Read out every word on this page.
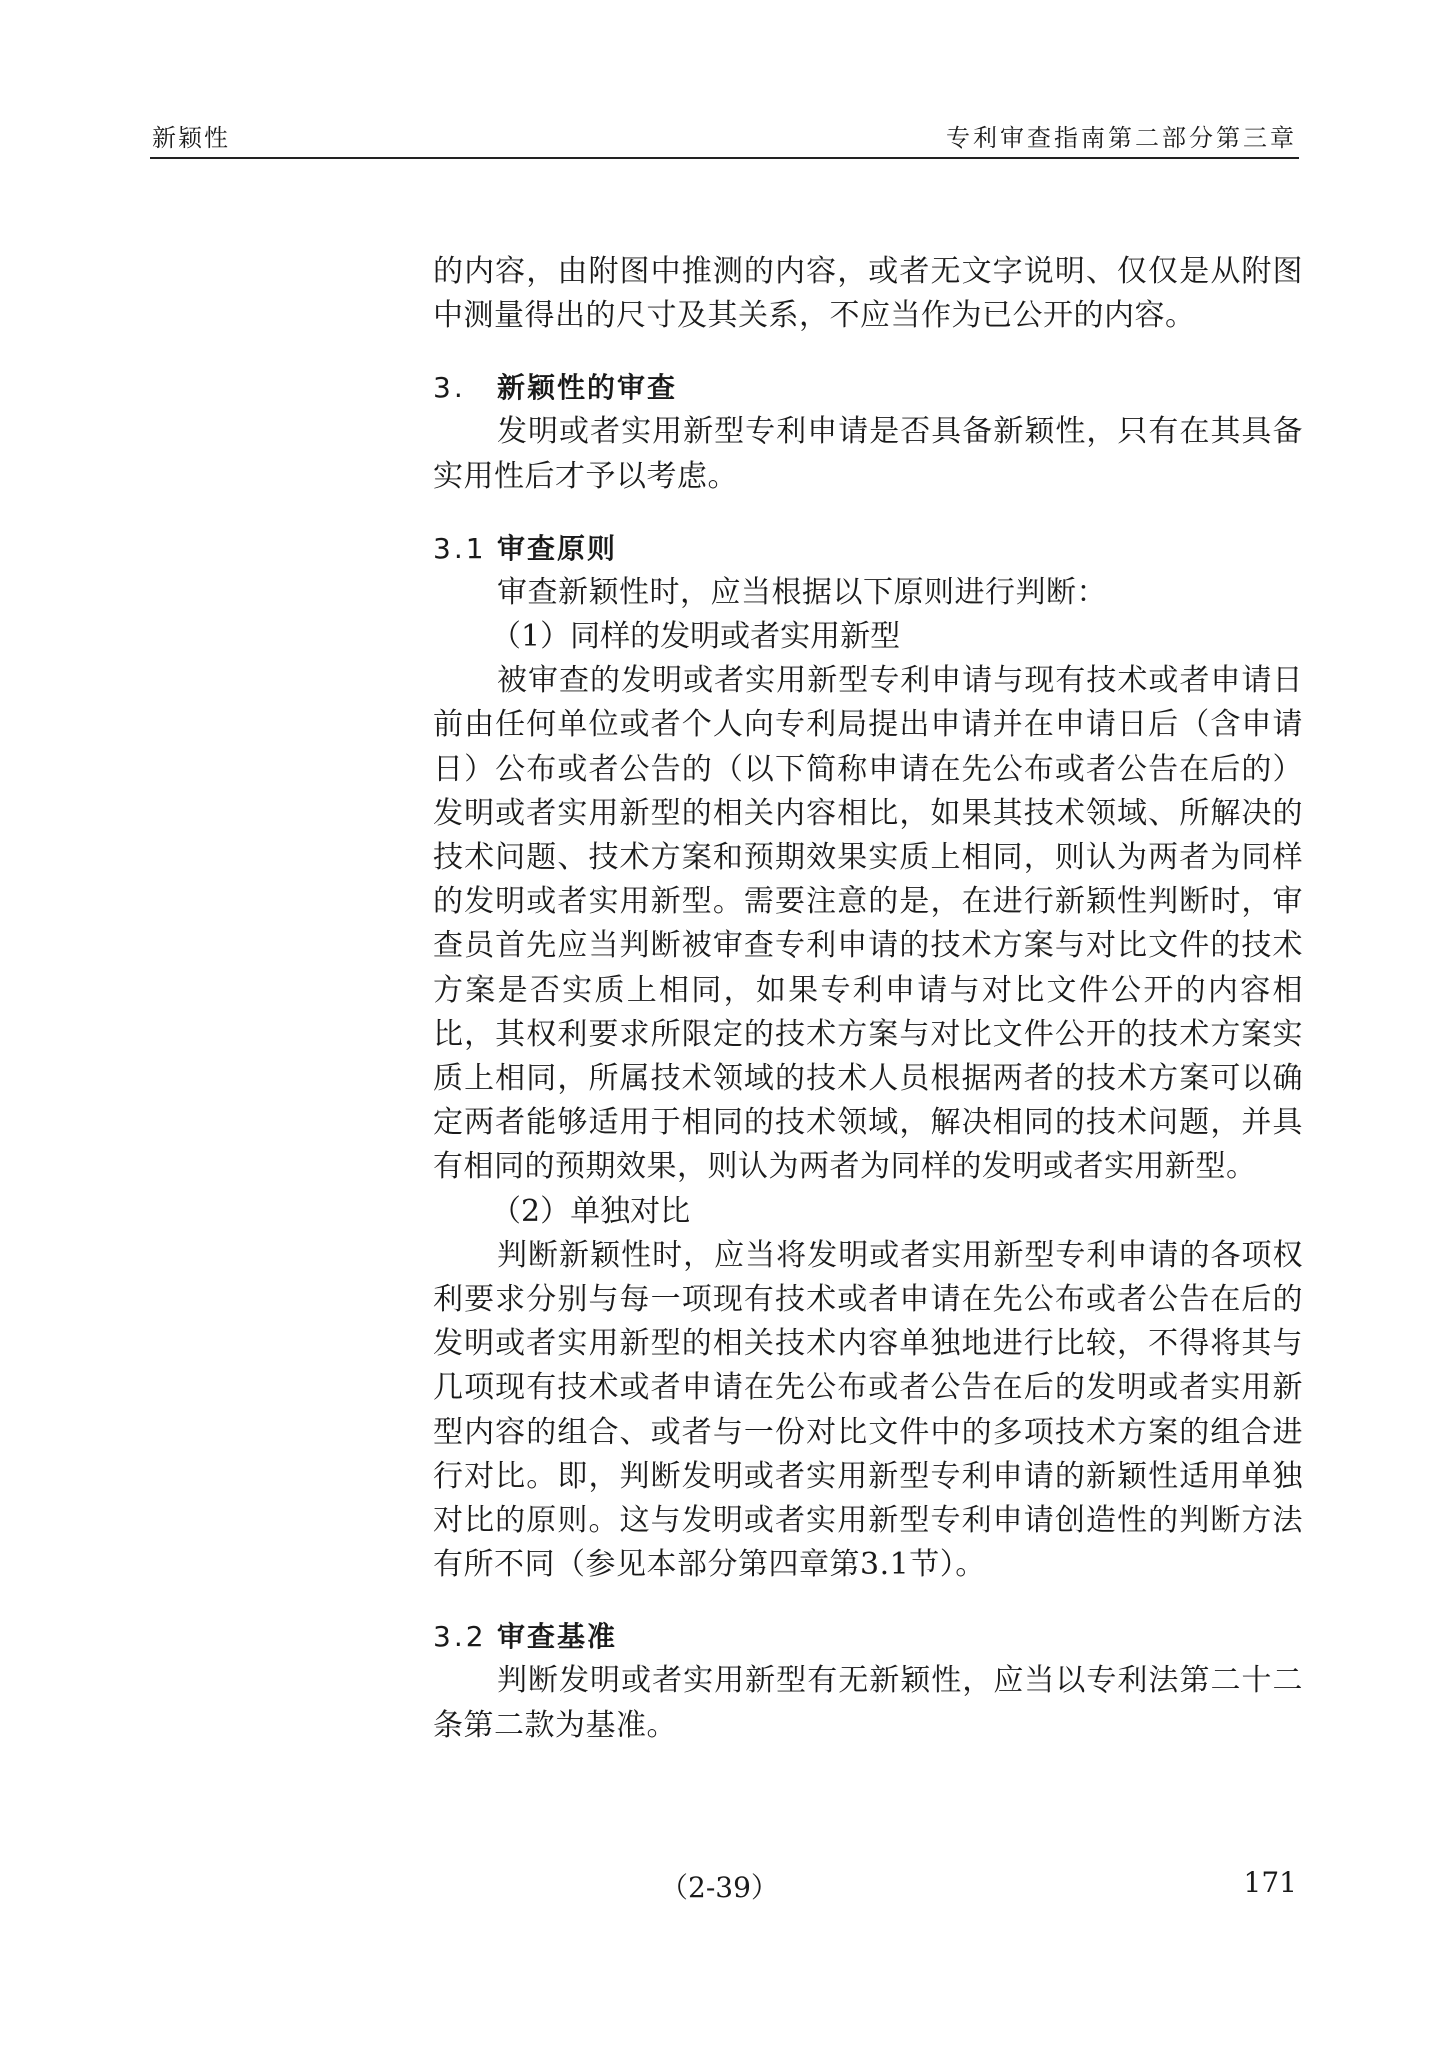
新颖性	专利审查指南第二部分第三章

的内容，由附图中推测的内容，或者无文字说明、仅仅是从附图中测量得出的尺寸及其关系，不应当作为已公开的内容。

3. 新颖性的审查

发明或者实用新型专利申请是否具备新颖性，只有在其具备实用性后才予以考虑。

3.1 审查原则

审查新颖性时，应当根据以下原则进行判断：

（1）同样的发明或者实用新型

被审查的发明或者实用新型专利申请与现有技术或者申请日前由任何单位或者个人向专利局提出申请并在申请日后（含申请日）公布或者公告的（以下简称申请在先公布或者公告在后的）发明或者实用新型的相关内容相比，如果其技术领域、所解决的技术问题、技术方案和预期效果实质上相同，则认为两者为同样的发明或者实用新型。需要注意的是，在进行新颖性判断时，审查员首先应当判断被审查专利申请的技术方案与对比文件的技术方案是否实质上相同，如果专利申请与对比文件公开的内容相比，其权利要求所限定的技术方案与对比文件公开的技术方案实质上相同，所属技术领域的技术人员根据两者的技术方案可以确定两者能够适用于相同的技术领域，解决相同的技术问题，并具有相同的预期效果，则认为两者为同样的发明或者实用新型。

（2）单独对比

判断新颖性时，应当将发明或者实用新型专利申请的各项权利要求分别与每一项现有技术或者申请在先公布或者公告在后的发明或者实用新型的相关技术内容单独地进行比较，不得将其与几项现有技术或者申请在先公布或者公告在后的发明或者实用新型内容的组合、或者与一份对比文件中的多项技术方案的组合进行对比。即，判断发明或者实用新型专利申请的新颖性适用单独对比的原则。这与发明或者实用新型专利申请创造性的判断方法有所不同（参见本部分第四章第3.1节）。

3.2 审查基准

判断发明或者实用新型有无新颖性，应当以专利法第二十二条第二款为基准。

（2-39）	171
